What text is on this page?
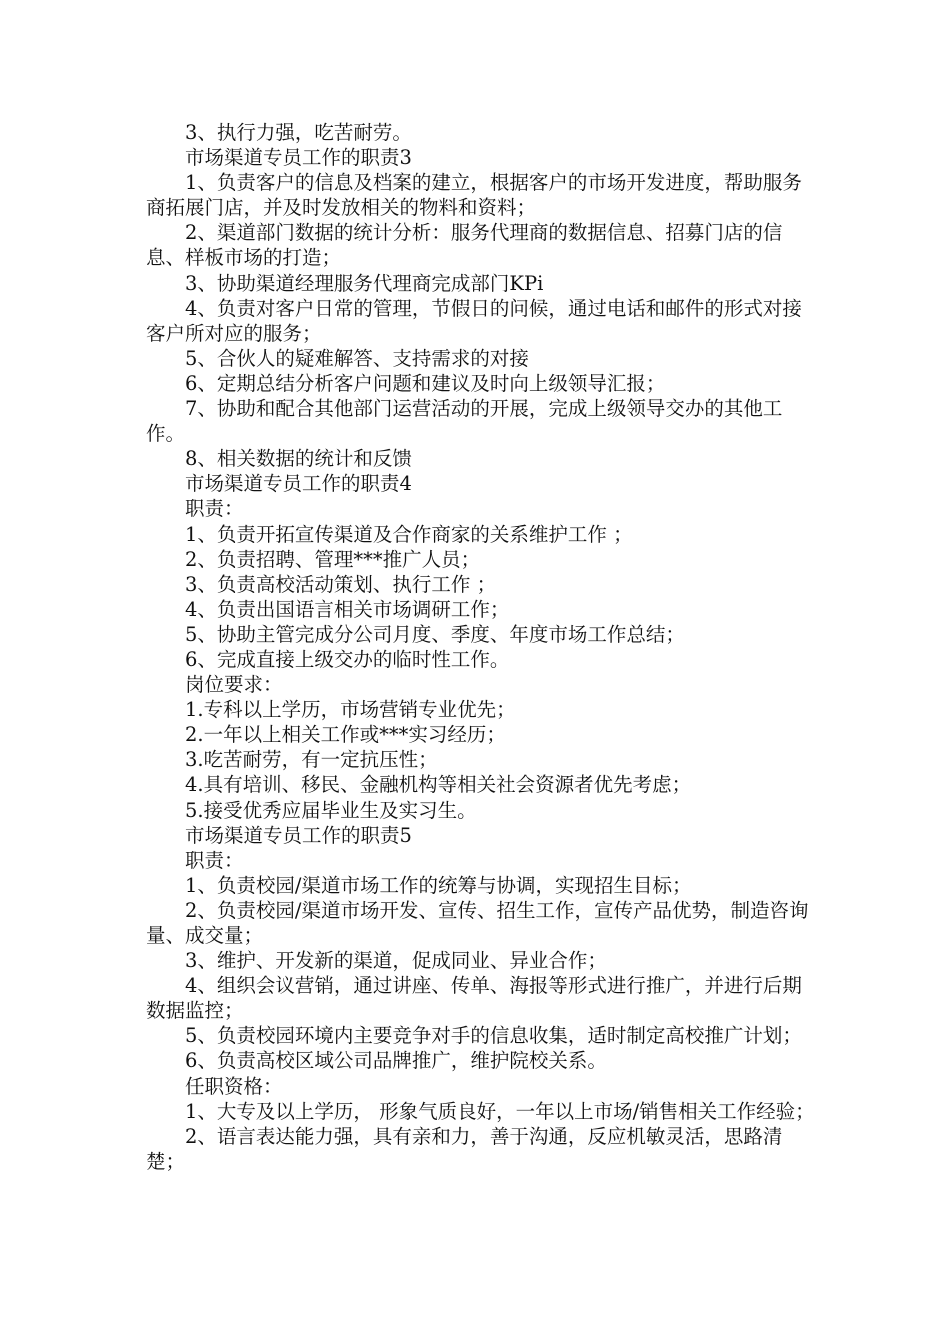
3、执行力强，吃苦耐劳。

市场渠道专员工作的职责3

1、负责客户的信息及档案的建立，根据客户的市场开发进度，帮助服务商拓展门店，并及时发放相关的物料和资料；

2、渠道部门数据的统计分析：服务代理商的数据信息、招募门店的信息、样板市场的打造；

3、协助渠道经理服务代理商完成部门KPi

4、负责对客户日常的管理，节假日的问候，通过电话和邮件的形式对接客户所对应的服务；

5、合伙人的疑难解答、支持需求的对接

6、定期总结分析客户问题和建议及时向上级领导汇报；

7、协助和配合其他部门运营活动的开展，完成上级领导交办的其他工作。

8、相关数据的统计和反馈

市场渠道专员工作的职责4

职责：

1、负责开拓宣传渠道及合作商家的关系维护工作 ；

2、负责招聘、管理***推广人员；

3、负责高校活动策划、执行工作 ；

4、负责出国语言相关市场调研工作；

5、协助主管完成分公司月度、季度、年度市场工作总结；

6、完成直接上级交办的临时性工作。

岗位要求：

1.专科以上学历，市场营销专业优先；

2.一年以上相关工作或***实习经历；

3.吃苦耐劳，有一定抗压性；

4.具有培训、移民、金融机构等相关社会资源者优先考虑；

5.接受优秀应届毕业生及实习生。

市场渠道专员工作的职责5

职责：

1、负责校园/渠道市场工作的统筹与协调，实现招生目标；

2、负责校园/渠道市场开发、宣传、招生工作，宣传产品优势，制造咨询量、成交量；

3、维护、开发新的渠道，促成同业、异业合作；

4、组织会议营销，通过讲座、传单、海报等形式进行推广，并进行后期数据监控；

5、负责校园环境内主要竞争对手的信息收集，适时制定高校推广计划；

6、负责高校区域公司品牌推广，维护院校关系。

任职资格：

1、大专及以上学历， 形象气质良好，一年以上市场/销售相关工作经验；

2、语言表达能力强，具有亲和力，善于沟通，反应机敏灵活，思路清楚；
